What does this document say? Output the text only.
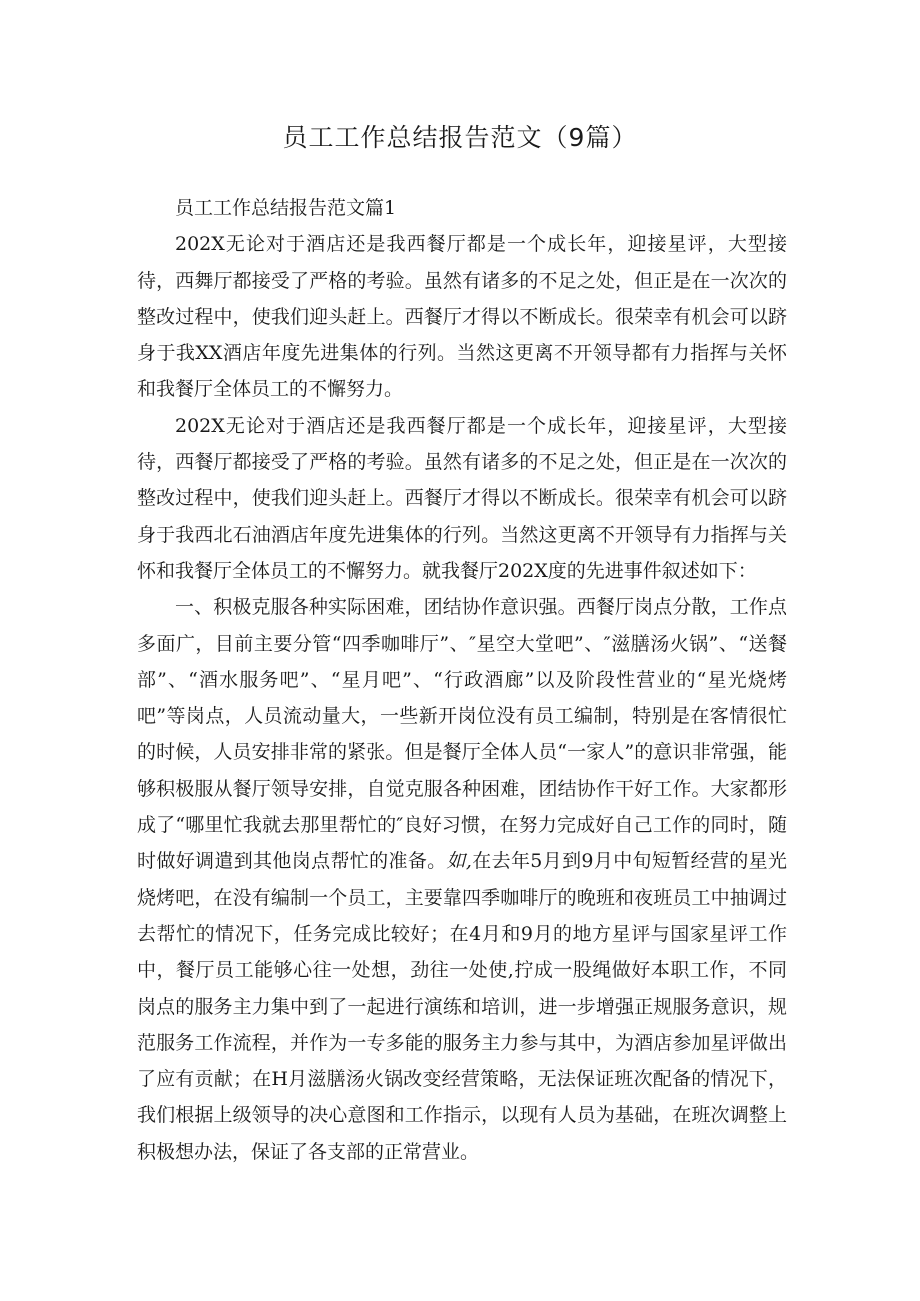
员工工作总结报告范文（9篇）

员工工作总结报告范文篇1

202X无论对于酒店还是我西餐厅都是一个成长年，迎接星评，大型接待，西舞厅都接受了严格的考验。虽然有诸多的不足之处，但正是在一次次的整改过程中，使我们迎头赶上。西餐厅才得以不断成长。很荣幸有机会可以跻身于我XX酒店年度先进集体的行列。当然这更离不开领导都有力指挥与关怀和我餐厅全体员工的不懈努力。

202X无论对于酒店还是我西餐厅都是一个成长年，迎接星评，大型接待，西餐厅都接受了严格的考验。虽然有诸多的不足之处，但正是在一次次的整改过程中，使我们迎头赶上。西餐厅才得以不断成长。很荣幸有机会可以跻身于我西北石油酒店年度先进集体的行列。当然这更离不开领导有力指挥与关怀和我餐厅全体员工的不懈努力。就我餐厅202X度的先进事件叙述如下：

一、积极克服各种实际困难，团结协作意识强。西餐厅岗点分散，工作点多面广，目前主要分管“四季咖啡厅”、″星空大堂吧”、″滋膳汤火锅”、“送餐部”、“酒水服务吧”、“星月吧”、“行政酒廊”以及阶段性营业的“星光烧烤吧”等岗点，人员流动量大，一些新开岗位没有员工编制，特别是在客情很忙的时候，人员安排非常的紧张。但是餐厅全体人员“一家人”的意识非常强，能够积极服从餐厅领导安排，自觉克服各种困难，团结协作干好工作。大家都形成了“哪里忙我就去那里帮忙的″良好习惯，在努力完成好自己工作的同时，随时做好调遣到其他岗点帮忙的准备。如,在去年5月到9月中旬短暂经营的星光烧烤吧，在没有编制一个员工，主要靠四季咖啡厅的晚班和夜班员工中抽调过去帮忙的情况下，任务完成比较好；在4月和9月的地方星评与国家星评工作中，餐厅员工能够心往一处想，劲往一处使,拧成一股绳做好本职工作，不同岗点的服务主力集中到了一起进行演练和培训，进一步增强正规服务意识，规范服务工作流程，并作为一专多能的服务主力参与其中，为酒店参加星评做出了应有贡献；在H月滋膳汤火锅改变经营策略，无法保证班次配备的情况下，我们根据上级领导的决心意图和工作指示，以现有人员为基础，在班次调整上积极想办法，保证了各支部的正常营业。
